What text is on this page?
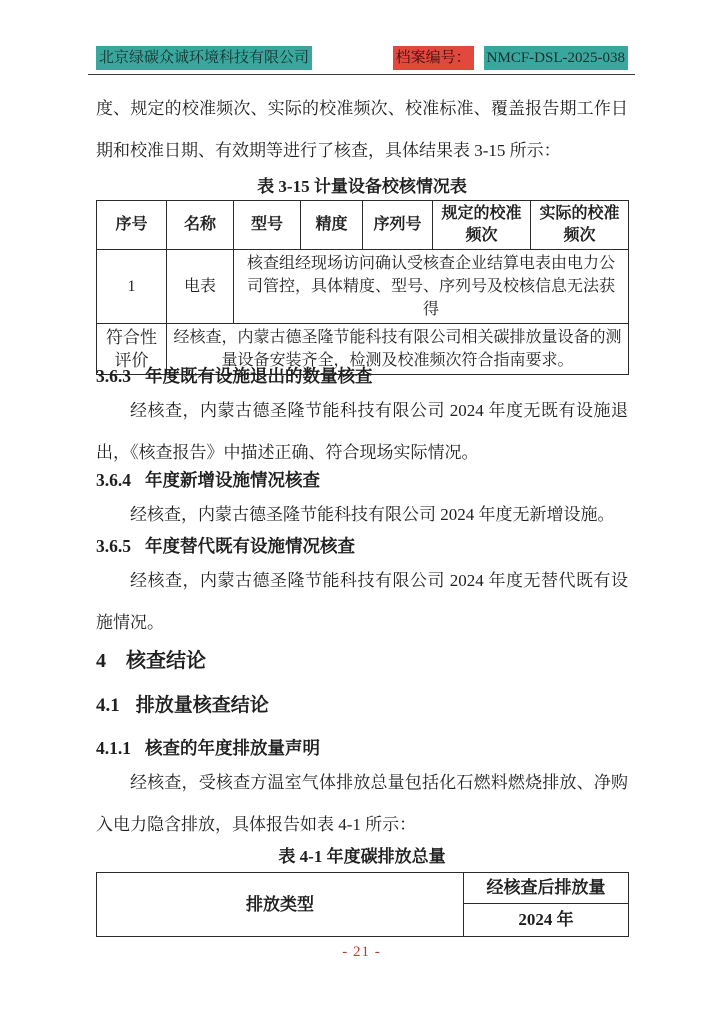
北京绿碳众诚环境科技有限公司	档案编号： NMCF-DSL-2025-038

度、规定的校准频次、实际的校准频次、校准标准、覆盖报告期工作日期和校准日期、有效期等进行了核查，具体结果表 3-15 所示：

表 3-15 计量设备校核情况表
序号	名称	型号	精度	序列号	规定的校准频次	实际的校准频次
1	电表	核查组经现场访问确认受核查企业结算电表由电力公司管控，具体精度、型号、序列号及校核信息无法获得				
符合性评价	经核查，内蒙古德圣隆节能科技有限公司相关碳排放量设备的测量设备安装齐全，检测及校准频次符合指南要求。					
3.6.3 年度既有设施退出的数量核查

经核查，内蒙古德圣隆节能科技有限公司 2024 年度无既有设施退出，《核查报告》中描述正确、符合现场实际情况。

3.6.4 年度新增设施情况核查

经核查，内蒙古德圣隆节能科技有限公司 2024 年度无新增设施。

3.6.5 年度替代既有设施情况核查

经核查，内蒙古德圣隆节能科技有限公司 2024 年度无替代既有设施情况。

4 核查结论
4.1 排放量核查结论
4.1.1 核查的年度排放量声明

经核查，受核查方温室气体排放总量包括化石燃料燃烧排放、净购入电力隐含排放，具体报告如表 4-1 所示：

表 4-1 年度碳排放总量
排放类型	经核查后排放量
2024 年
- 21 -
